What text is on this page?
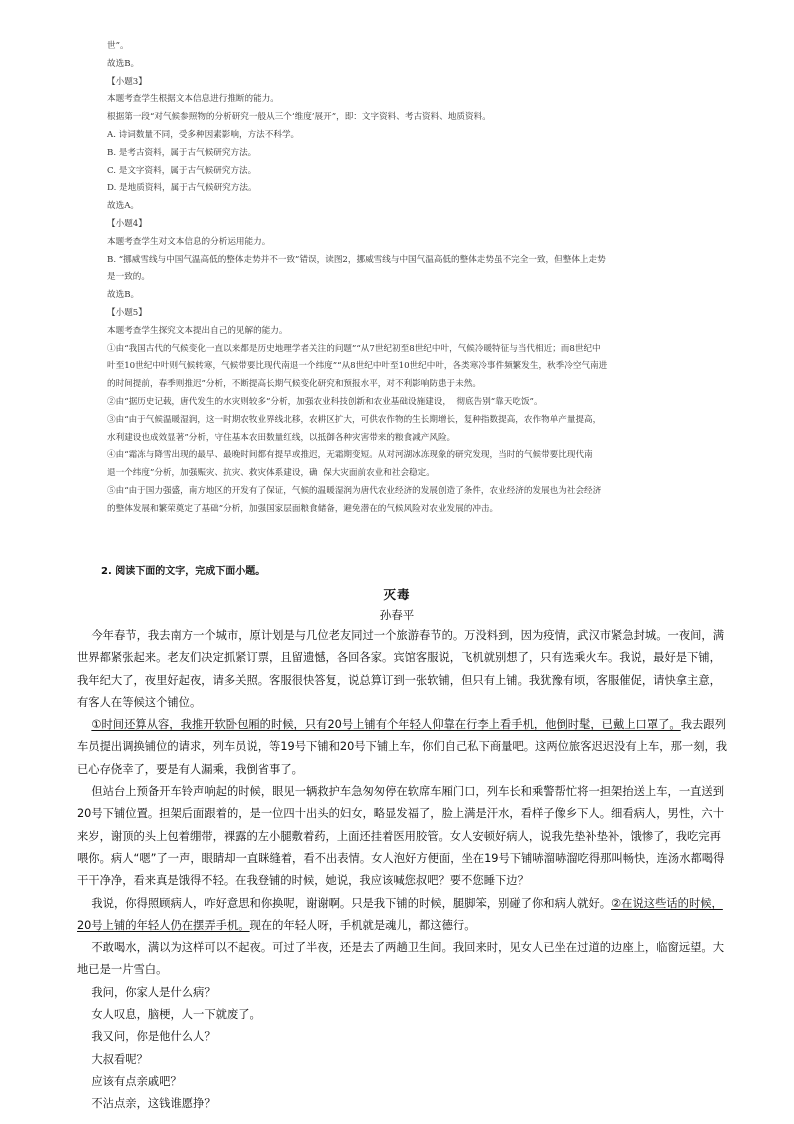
世”。

故选B。

【小题3】

本题考查学生根据文本信息进行推断的能力。

根据第一段“对气候参照物的分析研究一般从三个‘维度’展开”，即：文字资料、考古资料、地质资料。

A. 诗词数量不同，受多种因素影响，方法不科学。

B. 是考古资料，属于古气候研究方法。

C. 是文字资料，属于古气候研究方法。

D. 是地质资料，属于古气候研究方法。

故选A。

【小题4】

本题考查学生对文本信息的分析运用能力。

B. “挪威雪线与中国气温高低的整体走势并不一致”错误，读图2，挪威雪线与中国气温高低的整体走势虽不完全一致，但整体上走势

是一致的。

故选B。

【小题5】

本题考查学生探究文本提出自己的见解的能力。

①由“我国古代的气候变化一直以来都是历史地理学者关注的问题”“从7世纪初至8世纪中叶，气候冷暖特征与当代相近；而8世纪中

叶至10世纪中叶则气候转寒，气候带要比现代南退一个纬度”“从8世纪中叶至10世纪中叶，各类寒冷事件频繁发生，秋季冷空气南进

的时间提前，春季则推迟”分析，不断提高长期气候变化研究和预报水平，对不利影响防患于未然。

②由“据历史记载，唐代发生的水灾则较多”分析，加强农业科技创新和农业基础设施建设，  彻底告别“靠天吃饭”。

③由“由于气候温暖湿润，这一时期农牧业界线北移，农耕区扩大，可供农作物的生长期增长，复种指数提高，农作物单产量提高，

水利建设也成效显著”分析，守住基本农田数量红线，以抵御各种灾害带来的粮食减产风险。

④由“霜冻与降雪出现的最早、最晚时间都有提早或推迟，无霜期变短。从对河湖冰冻现象的研究发现，当时的气候带要比现代南

退一个纬度”分析，加强赈灾、抗灾、救灾体系建设，确  保大灾面前农业和社会稳定。

⑤由“由于国力强盛，南方地区的开发有了保证，气候的温暖湿润为唐代农业经济的发展创造了条件，农业经济的发展也为社会经济

的整体发展和繁荣奠定了基础”分析，加强国家层面粮食储备，避免潜在的气候风险对农业发展的冲击。

2. 阅读下面的文字，完成下面小题。
灭毒
孙春平

今年春节，我去南方一个城市，原计划是与几位老友同过一个旅游春节的。万没料到，因为疫情，武汉市紧急封城。一夜间，满世界都紧张起来。老友们决定抓紧订票，且留遗憾，各回各家。宾馆客服说，飞机就别想了，只有选乘火车。我说，最好是下铺，我年纪大了，夜里好起夜，请多关照。客服很快答复，说总算订到一张软铺，但只有上铺。我犹豫有顷，客服催促，请快拿主意，有客人在等候这个铺位。

①时间还算从容，我推开软卧包厢的时候，只有20号上铺有个年轻人仰靠在行李上看手机，他倒时髦，已戴上口罩了。我去跟列车员提出调换铺位的请求，列车员说，等19号下铺和20号下铺上车，你们自己私下商量吧。这两位旅客迟迟没有上车，那一刻，我已心存侥幸了，要是有人漏乘，我倒省事了。

但站台上预备开车铃声响起的时候，眼见一辆救护车急匆匆停在软席车厢门口，列车长和乘警帮忙将一担架抬送上车，一直送到20号下铺位置。担架后面跟着的，是一位四十出头的妇女，略显发福了，脸上满是汗水，看样子像乡下人。细看病人，男性，六十来岁，谢顶的头上包着绷带，裸露的左小腿敷着药，上面还挂着医用胶管。女人安顿好病人，说我先垫补垫补，饿惨了，我吃完再喂你。病人“嗯”了一声，眼睛却一直眯缝着，看不出表情。女人泡好方便面，坐在19号下铺哧溜哧溜吃得那叫畅快，连汤水都喝得干干净净，看来真是饿得不轻。在我登铺的时候，她说，我应该喊您叔吧？要不您睡下边？

我说，你得照顾病人，咋好意思和你换呢，谢谢啊。只是我下铺的时候，腿脚笨，别碰了你和病人就好。②在说这些话的时候，20号上铺的年轻人仍在摆弄手机。现在的年轻人呀，手机就是魂儿，都这德行。

不敢喝水，满以为这样可以不起夜。可过了半夜，还是去了两趟卫生间。我回来时，见女人已坐在过道的边座上，临窗远望。大地已是一片雪白。

我问，你家人是什么病？

女人叹息，脑梗，人一下就废了。

我又问，你是他什么人？

大叔看呢？

应该有点亲戚吧？

不沾点亲，这钱谁愿挣？
